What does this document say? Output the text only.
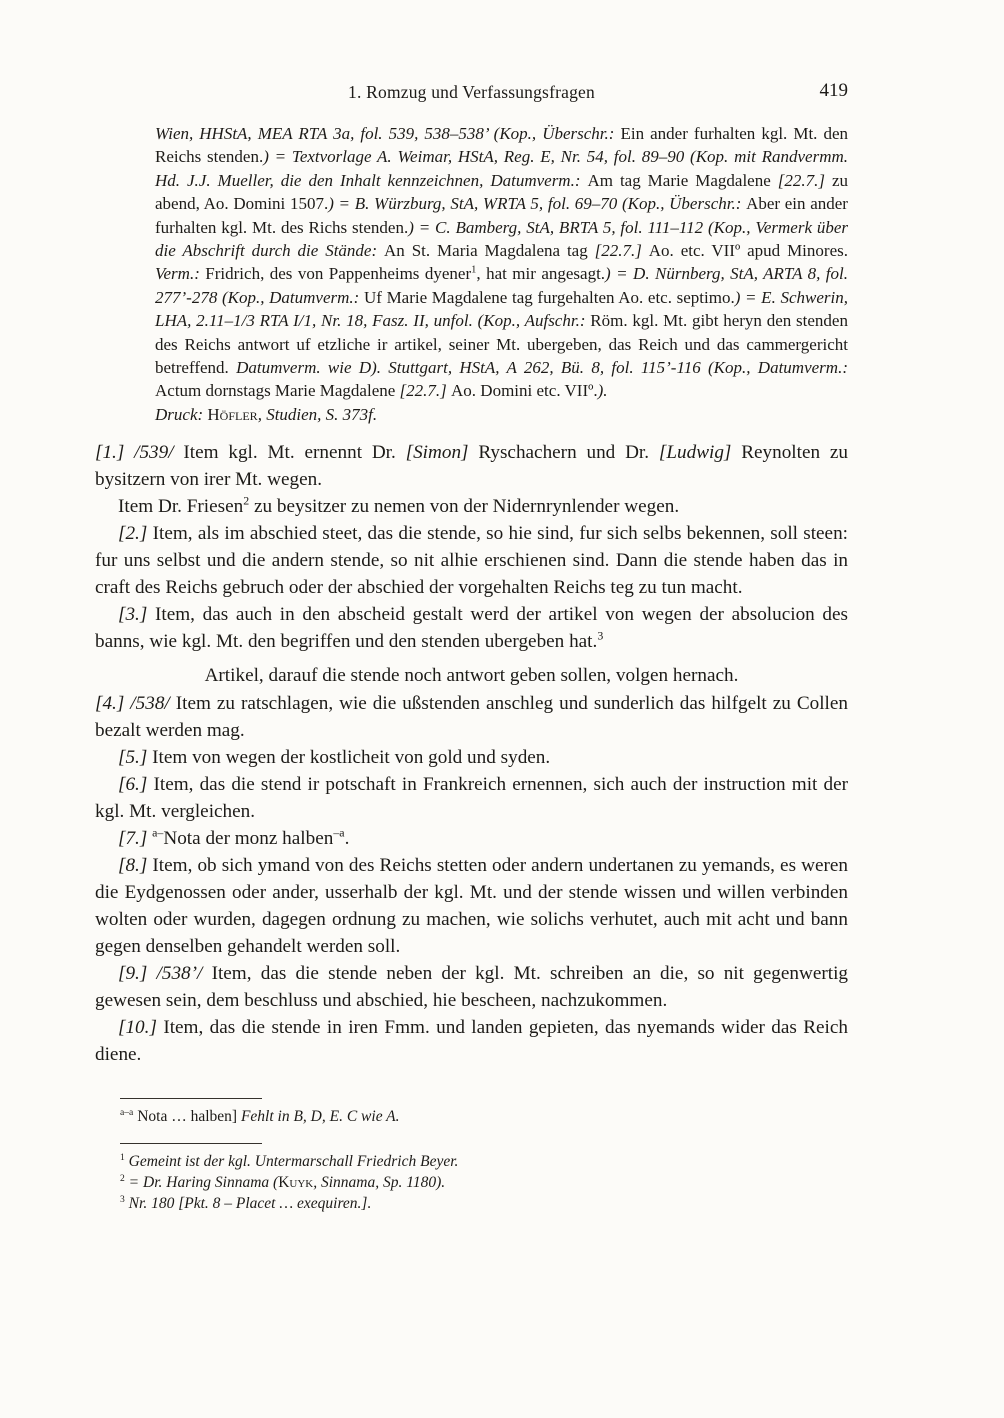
1. Romzug und Verfassungsfragen	419

Wien, HHStA, MEA RTA 3a, fol. 539, 538–538’ (Kop., Überschr.: Ein ander furhalten kgl. Mt. den Reichs stenden.) = Textvorlage A. Weimar, HStA, Reg. E, Nr. 54, fol. 89–90 (Kop. mit Randvermm. Hd. J.J. Mueller, die den Inhalt kennzeichnen, Datumverm.: Am tag Marie Magdalene [22.7.] zu abend, Ao. Domini 1507.) = B. Würzburg, StA, WRTA 5, fol. 69–70 (Kop., Überschr.: Aber ein ander furhalten kgl. Mt. des Richs stenden.) = C. Bamberg, StA, BRTA 5, fol. 111–112 (Kop., Vermerk über die Abschrift durch die Stände: An St. Maria Magdalena tag [22.7.] Ao. etc. VIIº apud Minores. Verm.: Fridrich, des von Pappenheims dyener$^1$, hat mir angesagt.) = D. Nürnberg, StA, ARTA 8, fol. 277’-278 (Kop., Datumverm.: Uf Marie Magdalene tag furgehalten Ao. etc. septimo.) = E. Schwerin, LHA, 2.11–1/3 RTA I/1, Nr. 18, Fasz. II, unfol. (Kop., Aufschr.: Röm. kgl. Mt. gibt heryn den stenden des Reichs antwort uf etzliche ir artikel, seiner Mt. ubergeben, das Reich und das cammergericht betreffend. Datumverm. wie D). Stuttgart, HStA, A 262, Bü. 8, fol. 115’-116 (Kop., Datumverm.: Actum dornstags Marie Magdalene [22.7.] Ao. Domini etc. VIIº.).

Druck: Höfler, Studien, S. 373f.

[1.] /539/ Item kgl. Mt. ernennt Dr. [Simon] Ryschachern und Dr. [Ludwig] Reynolten zu bysitzern von irer Mt. wegen.

Item Dr. Friesen$^2$ zu beysitzer zu nemen von der Nidernrynlender wegen.

[2.] Item, als im abschied steet, das die stende, so hie sind, fur sich selbs bekennen, soll steen: fur uns selbst und die andern stende, so nit alhie erschienen sind. Dann die stende haben das in craft des Reichs gebruch oder der abschied der vorgehalten Reichs teg zu tun macht.

[3.] Item, das auch in den abscheid gestalt werd der artikel von wegen der absolucion des banns, wie kgl. Mt. den begriffen und den stenden ubergeben hat.$^3$

Artikel, darauf die stende noch antwort geben sollen, volgen hernach.

[4.] /538/ Item zu ratschlagen, wie die ußstenden anschleg und sunderlich das hilfgelt zu Collen bezalt werden mag.

[5.] Item von wegen der kostlicheit von gold und syden.

[6.] Item, das die stend ir potschaft in Frankreich ernennen, sich auch der instruction mit der kgl. Mt. vergleichen.

[7.] $^{a-}$Nota der monz halben$^{-a}$.

[8.] Item, ob sich ymand von des Reichs stetten oder andern undertanen zu yemands, es weren die Eydgenossen oder ander, usserhalb der kgl. Mt. und der stende wissen und willen verbinden wolten oder wurden, dagegen ordnung zu machen, wie solichs verhutet, auch mit acht und bann gegen denselben gehandelt werden soll.

[9.] /538’/ Item, das die stende neben der kgl. Mt. schreiben an die, so nit gegenwertig gewesen sein, dem beschluss und abschied, hie bescheen, nachzukommen.

[10.] Item, das die stende in iren Fmm. und landen gepieten, das nyemands wider das Reich diene.

$^{a-a}$ Nota … halben] Fehlt in B, D, E. C wie A.

$^1$ Gemeint ist der kgl. Untermarschall Friedrich Beyer.

$^2$ = Dr. Haring Sinnama (Kuyk, Sinnama, Sp. 1180).

$^3$ Nr. 180 [Pkt. 8 – Placet … exequiren.].
